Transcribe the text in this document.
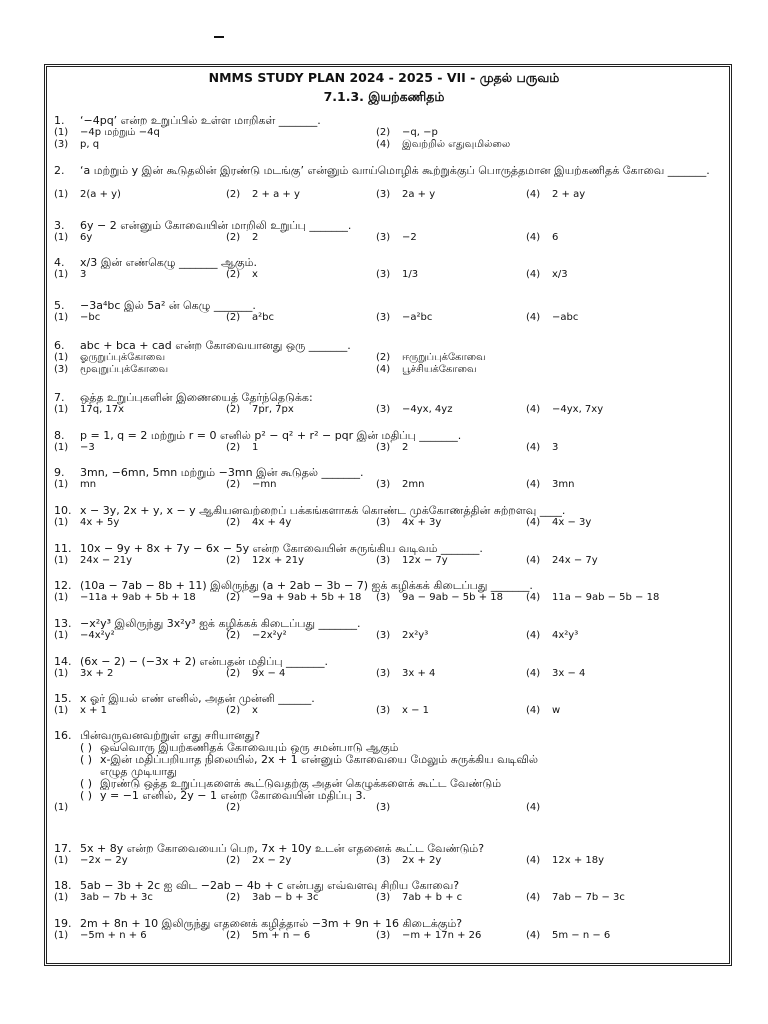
NMMS STUDY PLAN 2024 - 2025 - VII - முதல் பருவம்
7.1.3. இயற்கணிதம்
1.	‘−4pq’ என்ற உறுப்பில் உள்ள மாறிகள் _______.
(1) −4p மற்றும் −4q	(2) −q, −p
(3) p, q	(4) இவற்றில் எதுவுமில்லை
2.	‘a மற்றும் y இன் கூடுதலின் இரண்டு மடங்கு’ என்னும் வாய்மொழிக் கூற்றுக்குப் பொருத்தமான இயற்கணிதக் கோவை _______.
(1) 2(a + y)	(2) 2 + a + y	(3) 2a + y	(4) 2 + ay
3.	6y − 2 என்னும் கோவையின் மாறிலி உறுப்பு _______.
(1) 6y	(2) 2	(3) −2	(4) 6
4.	x/3 இன் எண்கெழு _______ ஆகும்.
(1) 3	(2) x	(3) 1/3	(4) x/3
5.	−3a⁴bc இல் 5a² ன் கெழு _______.
(1) −bc	(2) a²bc	(3) −a²bc	(4) −abc
6.	abc + bca + cad என்ற கோவையானது ஒரு _______.
(1) ஓருறுப்புக்கோவை	(2) ஈருறுப்புக்கோவை
(3) மூவுறுப்புக்கோவை	(4) பூச்சியக்கோவை
7.	ஒத்த உறுப்புகளின் இணையைத் தேர்ந்தெடுக்க:
(1) 17q, 17x	(2) 7pr, 7px	(3) −4yx, 4yz	(4) −4yx, 7xy
8.	p = 1, q = 2 மற்றும் r = 0 எனில் p² − q² + r² − pqr இன் மதிப்பு _______.
(1) −3	(2) 1	(3) 2	(4) 3
9.	3mn, −6mn, 5mn மற்றும் −3mn இன் கூடுதல் _______.
(1) mn	(2) −mn	(3) 2mn	(4) 3mn
10. x − 3y, 2x + y, x − y ஆகியனவற்றைப் பக்கங்களாகக் கொண்ட முக்கோணத்தின் சுற்றளவு ____.
(1) 4x + 5y	(2) 4x + 4y	(3) 4x + 3y	(4) 4x − 3y
11. 10x − 9y + 8x + 7y − 6x − 5y என்ற கோவையின் சுருங்கிய வடிவம் _______.
(1) 24x − 21y	(2) 12x + 21y	(3) 12x − 7y	(4) 24x − 7y
12. (10a − 7ab − 8b + 11) இலிருந்து (a + 2ab − 3b − 7) ஐக் கழிக்கக் கிடைப்பது _______.
(1) −11a + 9ab + 5b + 18	(2) −9a + 9ab + 5b + 18 (3) 9a − 9ab − 5b + 18 (4) 11a − 9ab − 5b − 18
13. −x²y³ இலிருந்து 3x²y³ ஐக் கழிக்கக் கிடைப்பது _______.
(1) −4x²y²	(2) −2x²y²	(3) 2x²y³	(4) 4x²y³
14. (6x − 2) − (−3x + 2) என்பதன் மதிப்பு _______.
(1) 3x + 2	(2) 9x − 4	(3) 3x + 4	(4) 3x − 4
15. x ஓர் இயல் எண் எனில், அதன் முன்னி ______.
(1) x + 1	(2) x	(3) x − 1	(4) w
16. பின்வருவனவற்றுள் எது சரியானது?
( ) ஒவ்வொரு இயற்கணிதக் கோவையும் ஒரு சமன்பாடு ஆகும்
( ) x-இன் மதிப்பறியாத நிலையில், 2x + 1 என்னும் கோவையை மேலும் சுருக்கிய வடிவில்
எழுத முடியாது
( ) இரண்டு ஒத்த உறுப்புகளைக் கூட்டுவதற்கு அதன் கெழுக்களைக் கூட்ட வேண்டும்
( ) y = −1 எனில், 2y − 1 என்ற கோவையின் மதிப்பு 3.
(1)	(2)	(3)	(4)
17. 5x + 8y என்ற கோவையைப் பெற, 7x + 10y உடன் எதனைக் கூட்ட வேண்டும்?
(1) −2x − 2y	(2) 2x − 2y	(3) 2x + 2y	(4) 12x + 18y
18. 5ab − 3b + 2c ஐ விட −2ab − 4b + c என்பது எவ்வளவு சிறிய கோவை?
(1) 3ab − 7b + 3c	(2) 3ab − b + 3c	(3) 7ab + b + c	(4) 7ab − 7b − 3c
19. 2m + 8n + 10 இலிருந்து எதனைக் கழித்தால் −3m + 9n + 16 கிடைக்கும்?
(1) −5m + n + 6	(2) 5m + n − 6	(3) −m + 17n + 26	(4) 5m − n − 6
